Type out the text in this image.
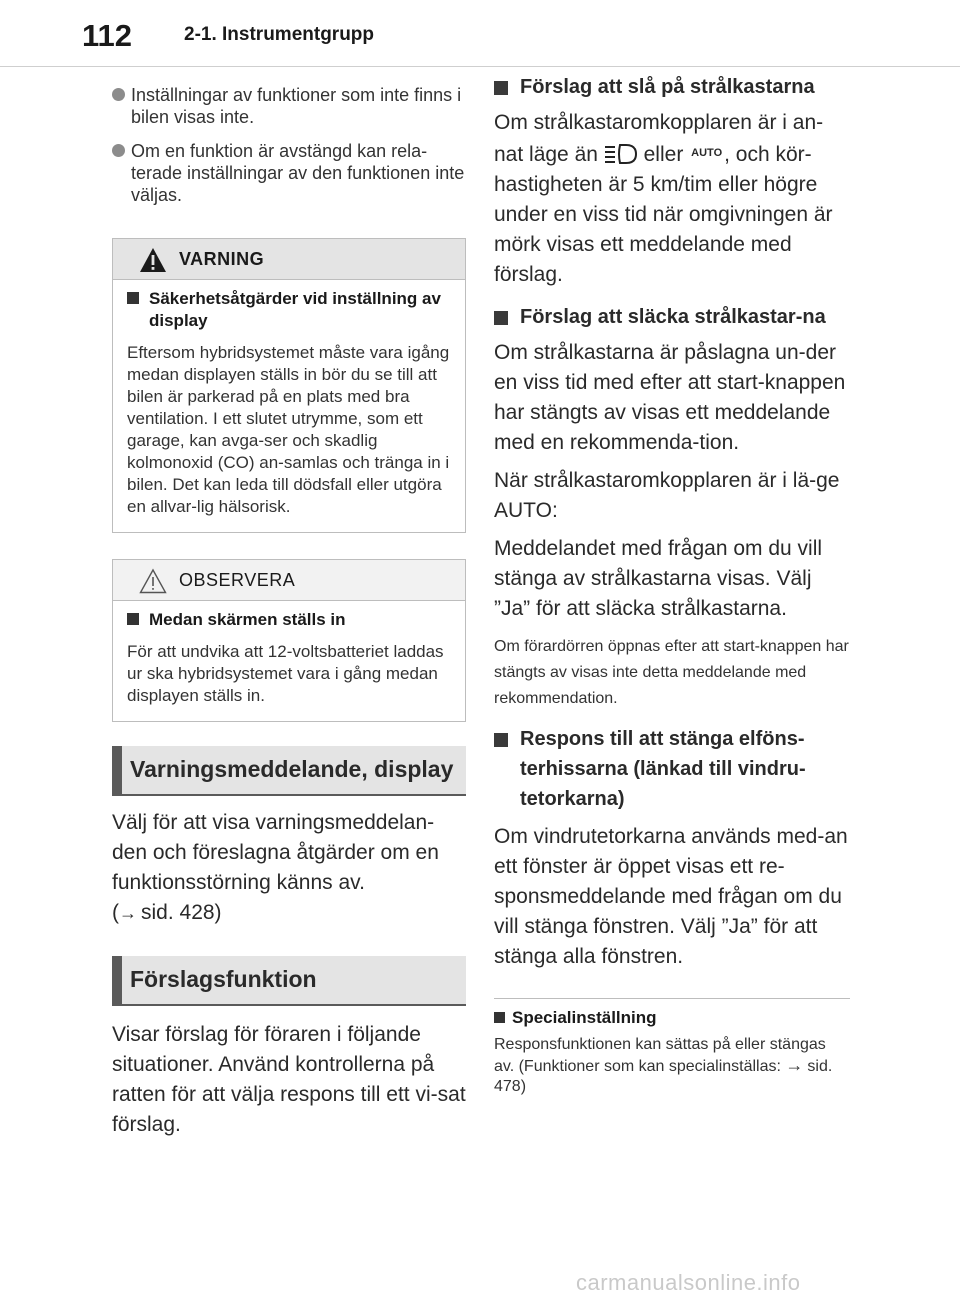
112	2-1. Instrumentgrupp
Inställningar av funktioner som inte finns i bilen visas inte.
Om en funktion är avstängd kan rela-terade inställningar av den funktionen inte väljas.
VARNING
Säkerhetsåtgärder vid inställning av display
Eftersom hybridsystemet måste vara igång medan displayen ställs in bör du se till att bilen är parkerad på en plats med bra ventilation. I ett slutet utrymme, som ett garage, kan avga-ser och skadlig kolmonoxid (CO) an-samlas och tränga in i bilen. Det kan leda till dödsfall eller utgöra en allvar-lig hälsorisk.
OBSERVERA
Medan skärmen ställs in
För att undvika att 12-voltsbatteriet laddas ur ska hybridsystemet vara i gång medan displayen ställs in.
Varningsmeddelande, display
Välj för att visa varningsmeddelan-den och föreslagna åtgärder om en funktionsstörning känns av.
(→ sid. 428)
Förslagsfunktion
Visar förslag för föraren i följande situationer. Använd kontrollerna på ratten för att välja respons till ett vi-sat förslag.
Förslag att slå på strålkastarna
Om strålkastaromkopplaren är i an-nat läge än eller $^{AUTO}$, och kör-hastigheten är 5 km/tim eller högre under en viss tid när omgivningen är mörk visas ett meddelande med förslag.
Förslag att släcka strålkastar-na
Om strålkastarna är påslagna un-der en viss tid med efter att start-knappen har stängts av visas ett meddelande med en rekommenda-tion.
När strålkastaromkopplaren är i lä-ge AUTO:
Meddelandet med frågan om du vill stänga av strålkastarna visas. Välj ”Ja” för att släcka strålkastarna.
Om förardörren öppnas efter att start-knappen har stängts av visas inte detta meddelande med rekommendation.
Respons till att stänga elföns-terhissarna (länkad till vindru-tetorkarna)
Om vindrutetorkarna används med-an ett fönster är öppet visas ett re-sponsmeddelande med frågan om du vill stänga fönstren. Välj ”Ja” för att stänga alla fönstren.
Specialinställning
Responsfunktionen kan sättas på eller stängas av. (Funktioner som kan specialinställas: → sid. 478)
carmanualsonline.info
